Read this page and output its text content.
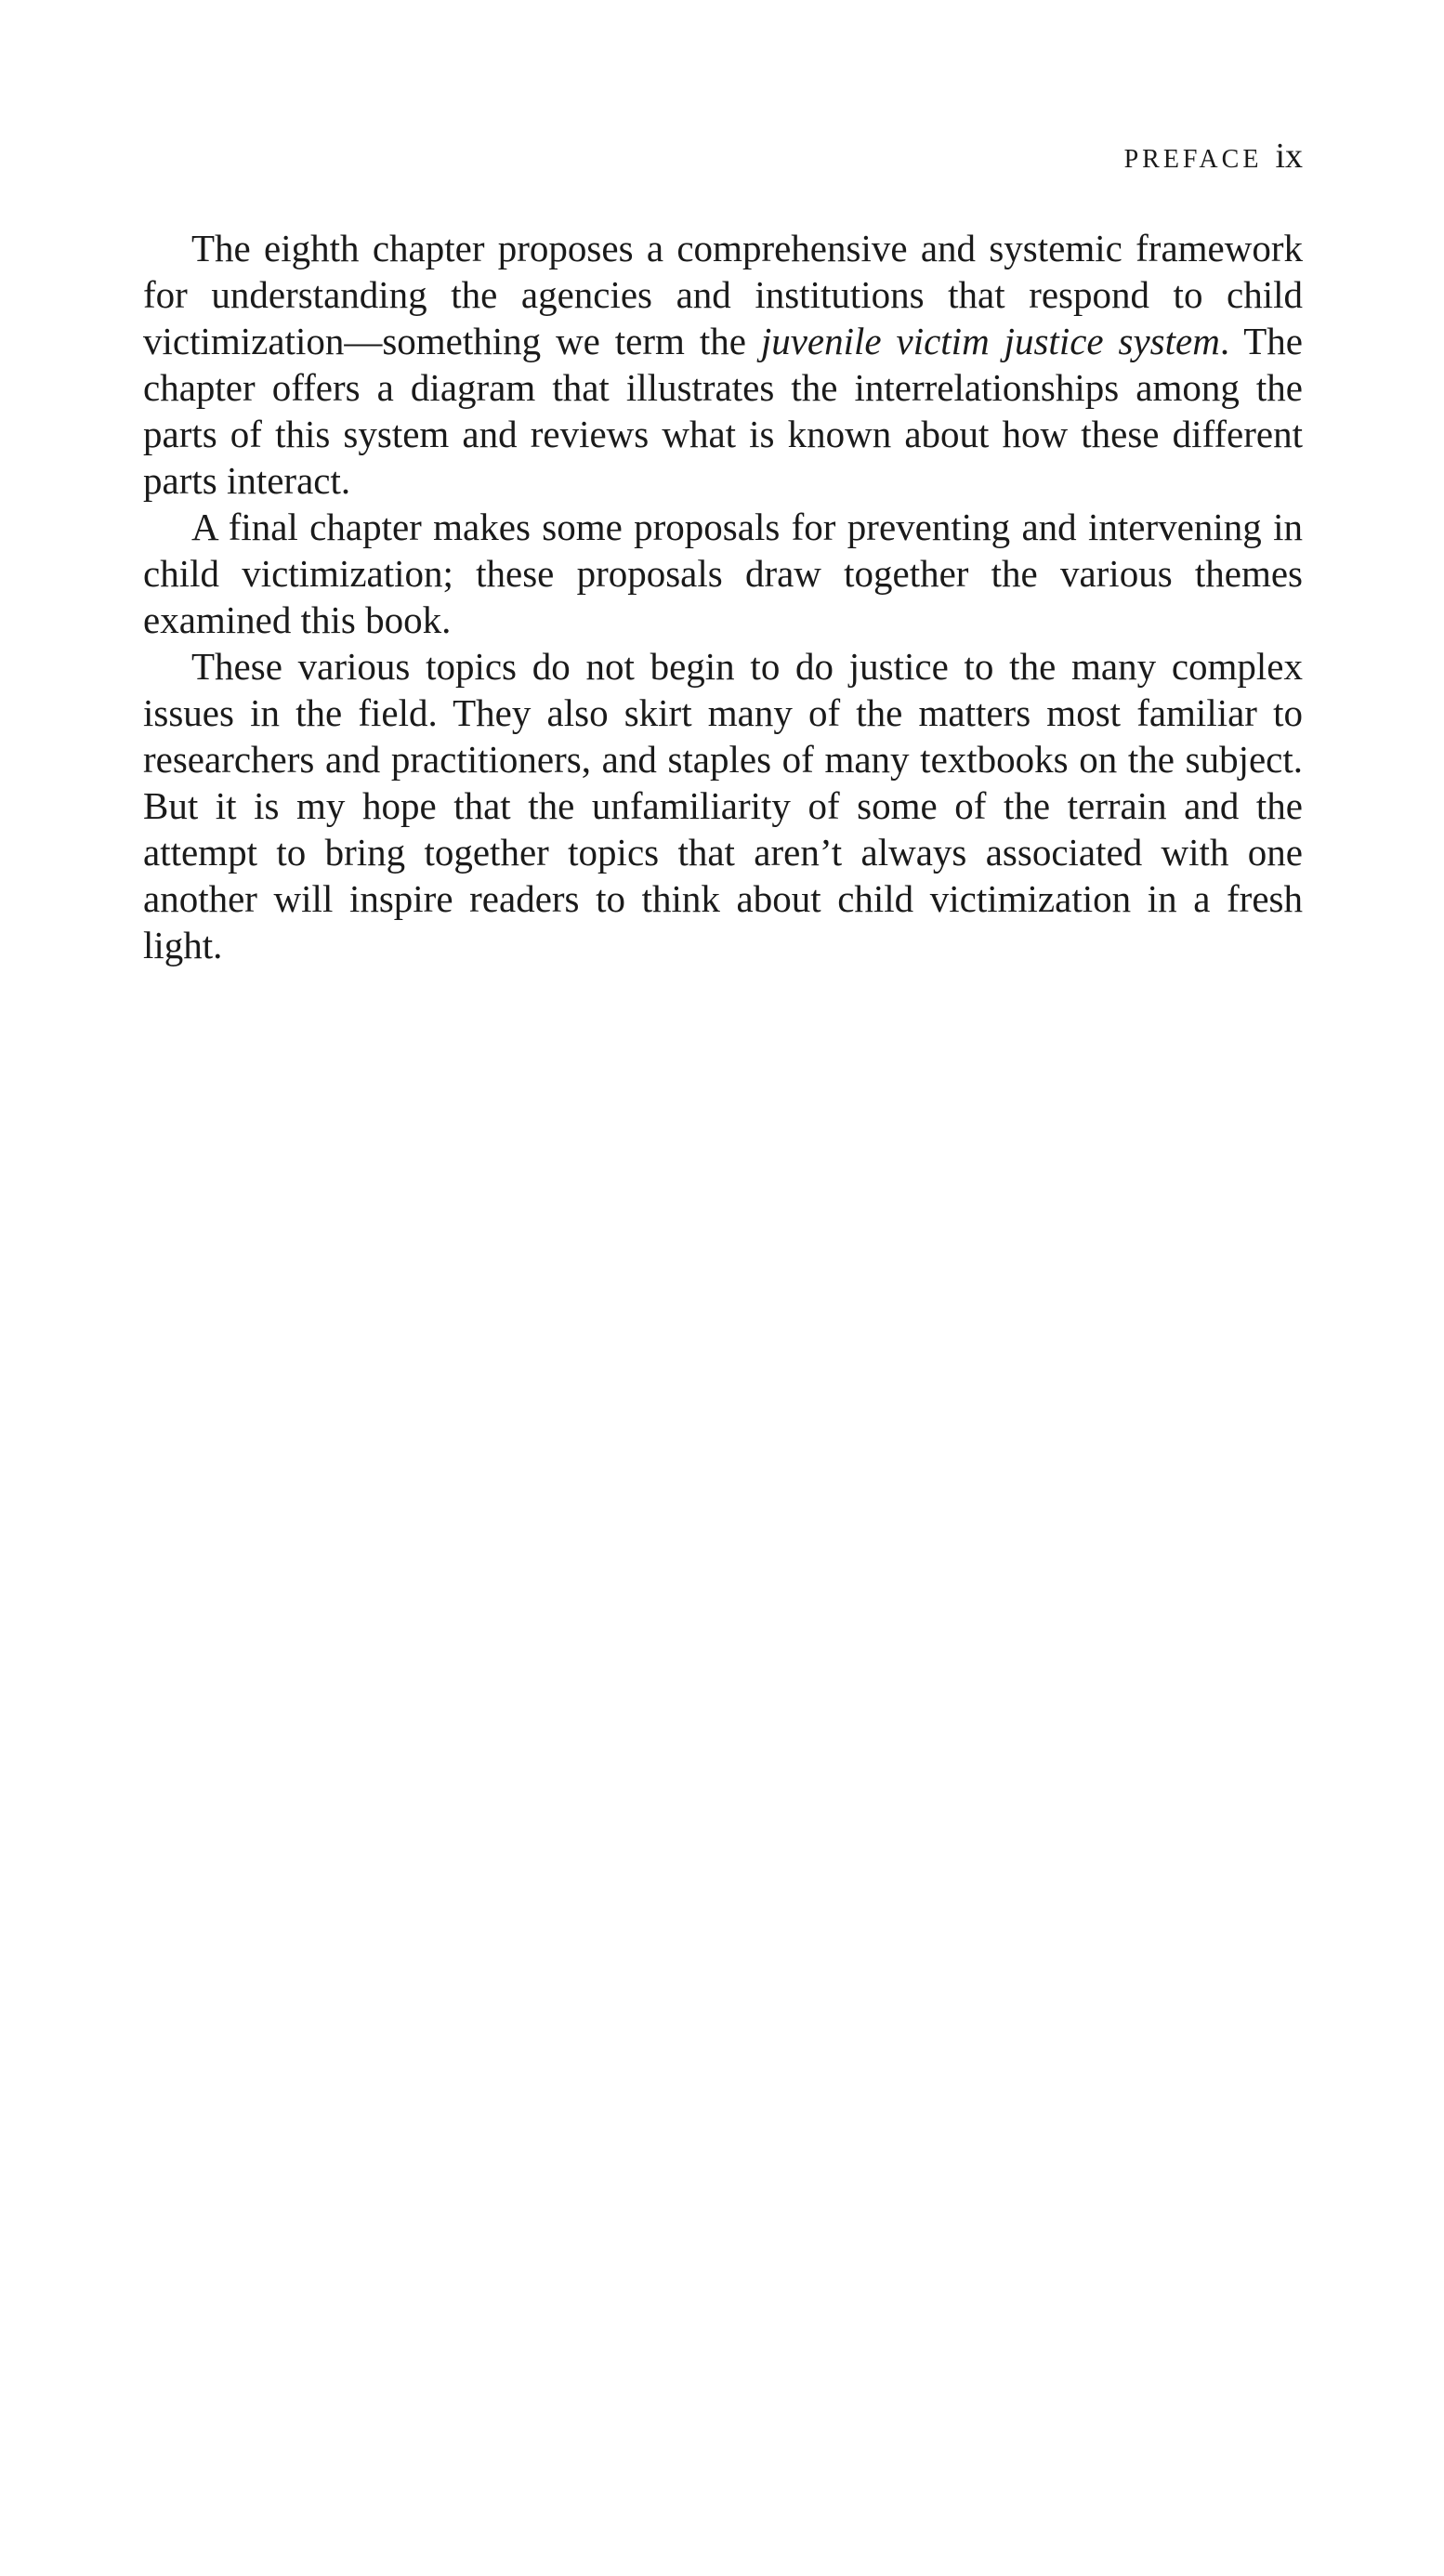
PREFACE ix

The eighth chapter proposes a comprehensive and systemic framework for understanding the agencies and institutions that respond to child victimization—something we term the juvenile victim justice system. The chapter offers a diagram that illustrates the interrelationships among the parts of this system and reviews what is known about how these different parts interact.

A final chapter makes some proposals for preventing and intervening in child victimization; these proposals draw together the various themes examined this book.

These various topics do not begin to do justice to the many complex issues in the field. They also skirt many of the matters most familiar to researchers and practitioners, and staples of many textbooks on the subject. But it is my hope that the unfamiliarity of some of the terrain and the attempt to bring together topics that aren’t always associated with one another will inspire readers to think about child victimization in a fresh light.
